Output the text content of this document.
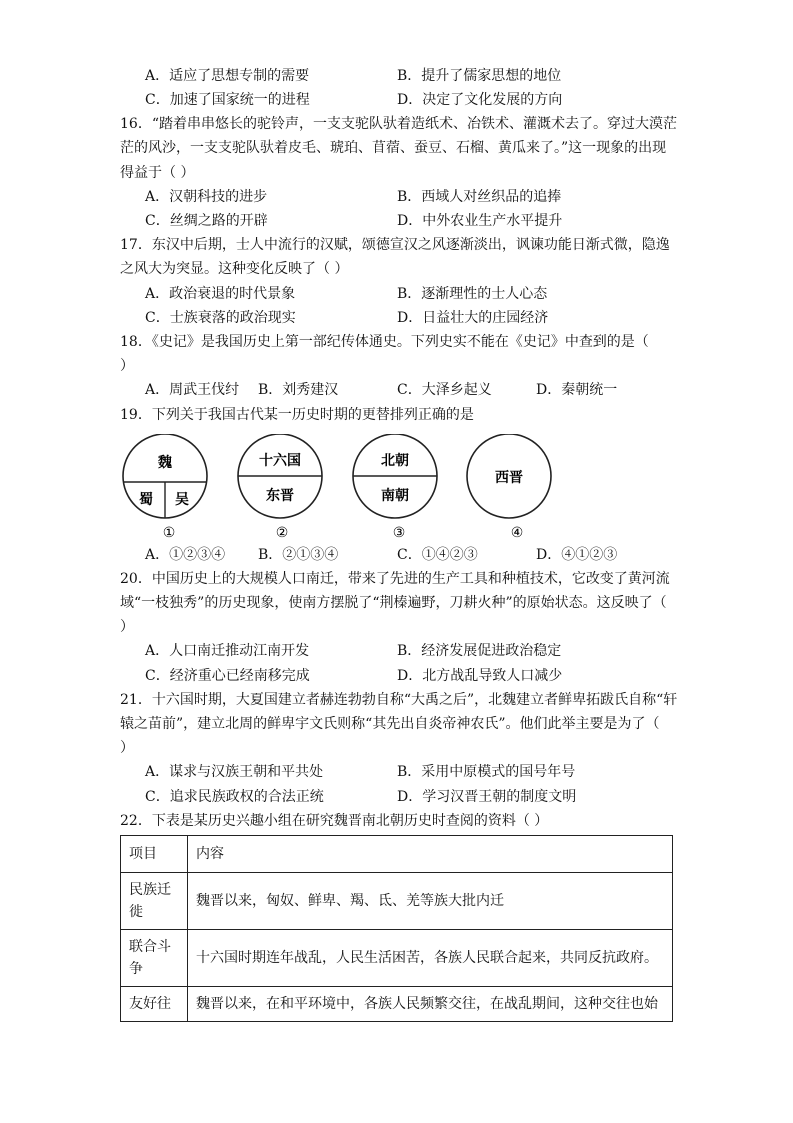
A．适应了思想专制的需要	B．提升了儒家思想的地位
C．加速了国家统一的进程	D．决定了文化发展的方向
16．“踏着串串悠长的驼铃声，一支支驼队驮着造纸术、冶铁术、灌溉术去了。穿过大漠茫
茫的风沙，一支支驼队驮着皮毛、琥珀、苜蓿、蚕豆、石榴、黄瓜来了。”这一现象的出现
得益于（ ）
A．汉朝科技的进步	B．西域人对丝织品的追捧
C．丝绸之路的开辟	D．中外农业生产水平提升
17．东汉中后期，士人中流行的汉赋，颂德宣汉之风逐渐淡出，讽谏功能日渐式微，隐逸
之风大为突显。这种变化反映了（ ）
A．政治衰退的时代景象	B．逐渐理性的士人心态
C．士族衰落的政治现实	D．日益壮大的庄园经济
18．《史记》是我国历史上第一部纪传体通史。下列史实不能在《史记》中查到的是（
）
A．周武王伐纣 B．刘秀建汉	C．大泽乡起义	D．秦朝统一
19．下列关于我国古代某一历史时期的更替排列正确的是
魏
蜀 吴
①
十六国
东晋
②
北朝
南朝
③
西晋
④
A．①②③④ B．②①③④	C．①④②③	D．④①②③
20．中国历史上的大规模人口南迁，带来了先进的生产工具和种植技术，它改变了黄河流
域“一枝独秀”的历史现象，使南方摆脱了“荆榛遍野，刀耕火种”的原始状态。这反映了（
）
A．人口南迁推动江南开发	B．经济发展促进政治稳定
C．经济重心已经南移完成	D．北方战乱导致人口减少
21．十六国时期，大夏国建立者赫连勃勃自称“大禹之后”，北魏建立者鲜卑拓跋氏自称“轩
辕之苗前”，建立北周的鲜卑宇文氏则称“其先出自炎帝神农氏”。他们此举主要是为了（
）
A．谋求与汉族王朝和平共处	B．采用中原模式的国号年号
C．追求民族政权的合法正统	D．学习汉晋王朝的制度文明
22．下表是某历史兴趣小组在研究魏晋南北朝历史时查阅的资料（ ）
项目	内容
民族迁徙	魏晋以来，匈奴、鲜卑、羯、氐、羌等族大批内迁
联合斗争	十六国时期连年战乱，人民生活困苦，各族人民联合起来，共同反抗政府。
友好往	魏晋以来，在和平环境中，各族人民频繁交往，在战乱期间，这种交往也始
